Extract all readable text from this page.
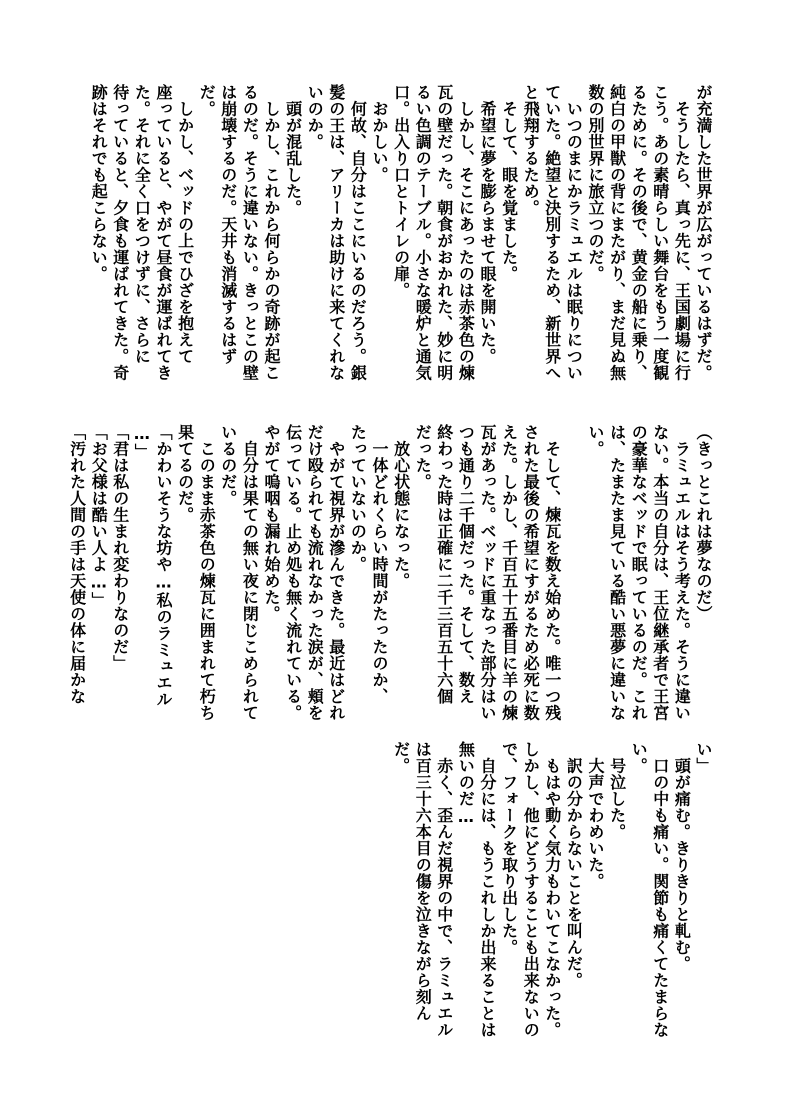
が充満した世界が広がっているはずだ。
　そうしたら、真っ先に、王国劇場に行
こう。あの素晴らしい舞台をもう一度観
るために。その後で、黄金の船に乗り、
純白の甲獣の背にまたがり、まだ見ぬ無
数の別世界に旅立つのだ。
　いつのまにかラミュエルは眠りについ
ていた。絶望と決別するため、新世界へ
と飛翔するため。
　そして、眼を覚ました。
　希望に夢を膨らませて眼を開いた。
　しかし、そこにあったのは赤茶色の煉
瓦の壁だった。朝食がおかれた、妙に明
るい色調のテーブル。小さな暖炉と通気
口。出入り口とトイレの扉。
　おかしい。
　何故、自分はここにいるのだろう。銀
髪の王は、アリーカは助けに来てくれな
いのか。
　頭が混乱した。
　しかし、これから何らかの奇跡が起こ
るのだ。そうに違いない。きっとこの壁
は崩壊するのだ。天井も消滅するはず
だ。
　しかし、ベッドの上でひざを抱えて
座っていると、やがて昼食が運ばれてき
た。それに全く口をつけずに、さらに
待っていると、夕食も運ばれてきた。奇
跡はそれでも起こらない。
（きっとこれは夢なのだ）
　ラミュエルはそう考えた。そうに違い
ない。本当の自分は、王位継承者で王宮
の豪華なベッドで眠っているのだ。これ
は、たまたま見ている酷い悪夢に違いな
い。
　そして、煉瓦を数え始めた。唯一つ残
された最後の希望にすがるため必死に数
えた。しかし、千百五十五番目に羊の煉
瓦があった。ベッドに重なった部分はい
つも通り二千個だった。そして、数え
終わった時は正確に二千三百五十六個
だった。
　放心状態になった。
　一体どれくらい時間がたったのか、
たっていないのか。
　やがて視界が滲んできた。最近はどれ
だけ殴られても流れなかった涙が、頬を
伝っている。止め処も無く流れている。
やがて嗚咽も漏れ始めた。
　自分は果ての無い夜に閉じこめられて
いるのだ。
　このまま赤茶色の煉瓦に囲まれて朽ち
果てるのだ。
「かわいそうな坊や…私のラミュエル
…」
「君は私の生まれ変わりなのだ」
「お父様は酷い人よ…」
「汚れた人間の手は天使の体に届かな
い」
　頭が痛む。きりきりと軋む。
　口の中も痛い。関節も痛くてたまらな
い。
　号泣した。
　大声でわめいた。
　訳の分からないことを叫んだ。
　もはや動く気力もわいてこなかった。
しかし、他にどうすることも出来ないの
で、フォークを取り出した。
　自分には、もうこれしか出来ることは
無いのだ…
　赤く、歪んだ視界の中で、ラミュエル
は百三十六本目の傷を泣きながら刻ん
だ。
